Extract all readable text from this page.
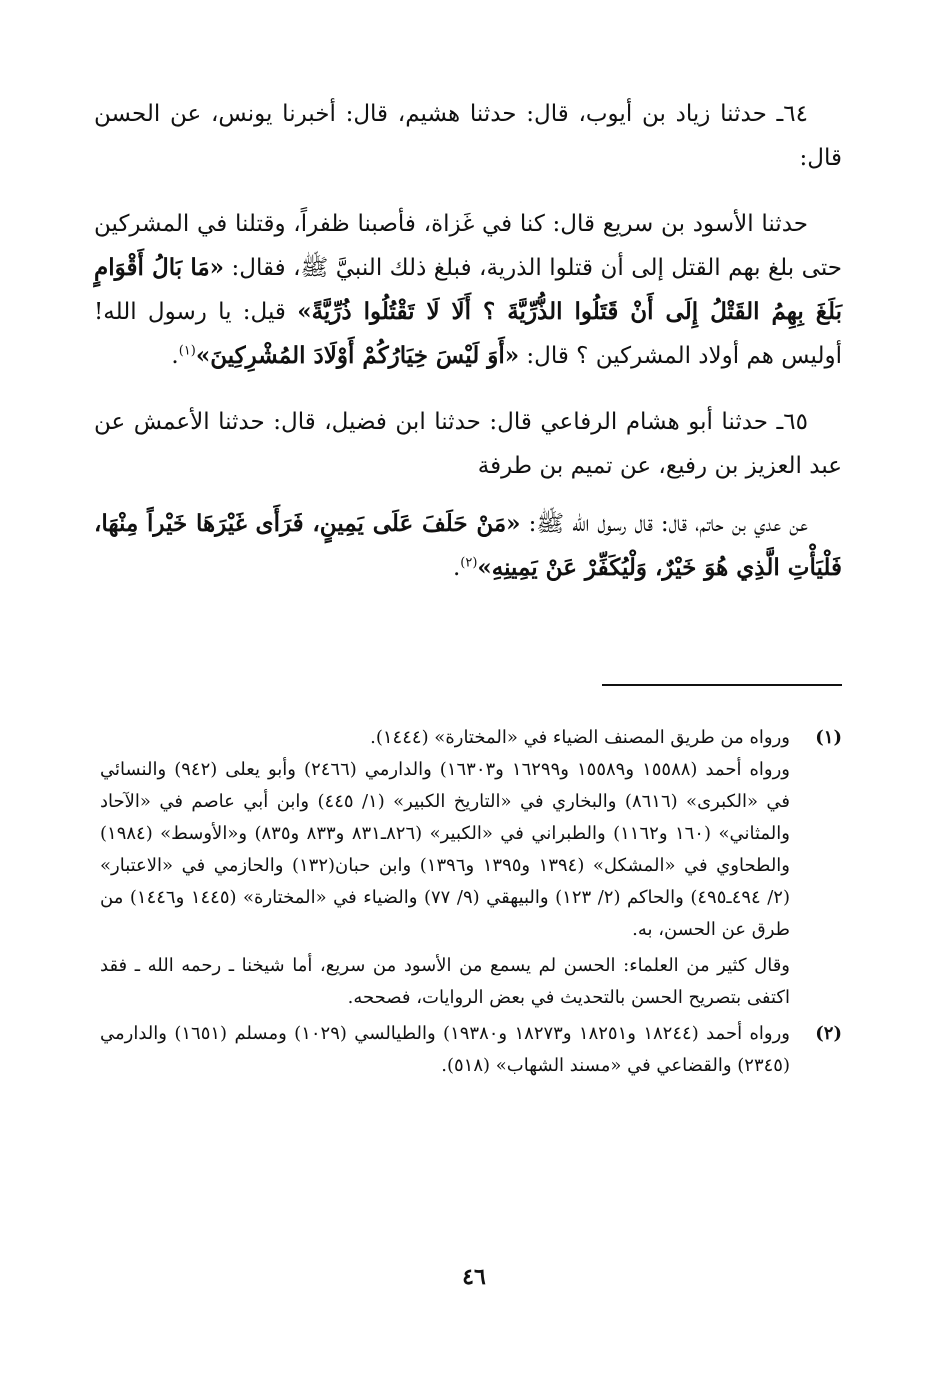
٦٤ـ حدثنا زياد بن أيوب، قال: حدثنا هشيم، قال: أخبرنا يونس، عن الحسن قال:

حدثنا الأسود بن سريع قال: كنا في غَزاة، فأصبنا ظفراً، وقتلنا في المشركين حتى بلغ بهم القتل إلى أن قتلوا الذرية، فبلغ ذلك النبيَّ ﷺ، فقال: «مَا بَالُ أَقْوَامٍ بَلَغَ بِهِمُ القَتْلُ إِلَى أَنْ قَتَلُوا الذُّرِّيَّةَ ؟ أَلَا لَا تَقْتُلُوا ذُرِّيَّةً» قيل: يا رسول الله! أوليس هم أولاد المشركين ؟ قال: «أَوَ لَيْسَ خِيَارُكُمْ أَوْلَادَ المُشْرِكِينَ»$^{(١)}$.

٦٥ـ حدثنا أبو هشام الرفاعي قال: حدثنا ابن فضيل، قال: حدثنا الأعمش عن عبد العزيز بن رفيع، عن تميم بن طرفة

عن عدي بن حاتم، قال: قال رسول الله ﷺ: «مَنْ حَلَفَ عَلَى يَمِينٍ، فَرَأَى غَيْرَهَا خَيْراً مِنْهَا، فَلْيَأْتِ الَّذِي هُوَ خَيْرٌ، وَلْيُكَفِّرْ عَنْ يَمِينِهِ»$^{(٢)}$.

(١)

ورواه من طريق المصنف الضياء في «المختارة» (١٤٤٤).

ورواه أحمد (١٥٥٨٨ و١٥٥٨٩ و١٦٢٩٩ و١٦٣٠٣) والدارمي (٢٤٦٦) وأبو يعلى (٩٤٢) والنسائي في «الكبرى» (٨٦١٦) والبخاري في «التاريخ الكبير» (١/ ٤٤٥) وابن أبي عاصم في «الآحاد والمثاني» (١٦٠ و١١٦٢) والطبراني في «الكبير» (٨٢٦ـ٨٣١ و٨٣٣ و٨٣٥) و«الأوسط» (١٩٨٤) والطحاوي في «المشكل» (١٣٩٤ و١٣٩٥ و١٣٩٦) وابن حبان(١٣٢) والحازمي في «الاعتبار» (٢/ ٤٩٤ـ٤٩٥) والحاكم (٢/ ١٢٣) والبيهقي (٩/ ٧٧) والضياء في «المختارة» (١٤٤٥ و١٤٤٦) من طرق عن الحسن، به.

وقال كثير من العلماء: الحسن لم يسمع من الأسود من سريع، أما شيخنا ـ رحمه الله ـ فقد اكتفى بتصريح الحسن بالتحديث في بعض الروايات، فصححه.

(٢)

ورواه أحمد (١٨٢٤٤ و١٨٢٥١ و١٨٢٧٣ و١٩٣٨٠) والطيالسي (١٠٢٩) ومسلم (١٦٥١) والدارمي (٢٣٤٥) والقضاعي في «مسند الشهاب» (٥١٨).

٤٦
